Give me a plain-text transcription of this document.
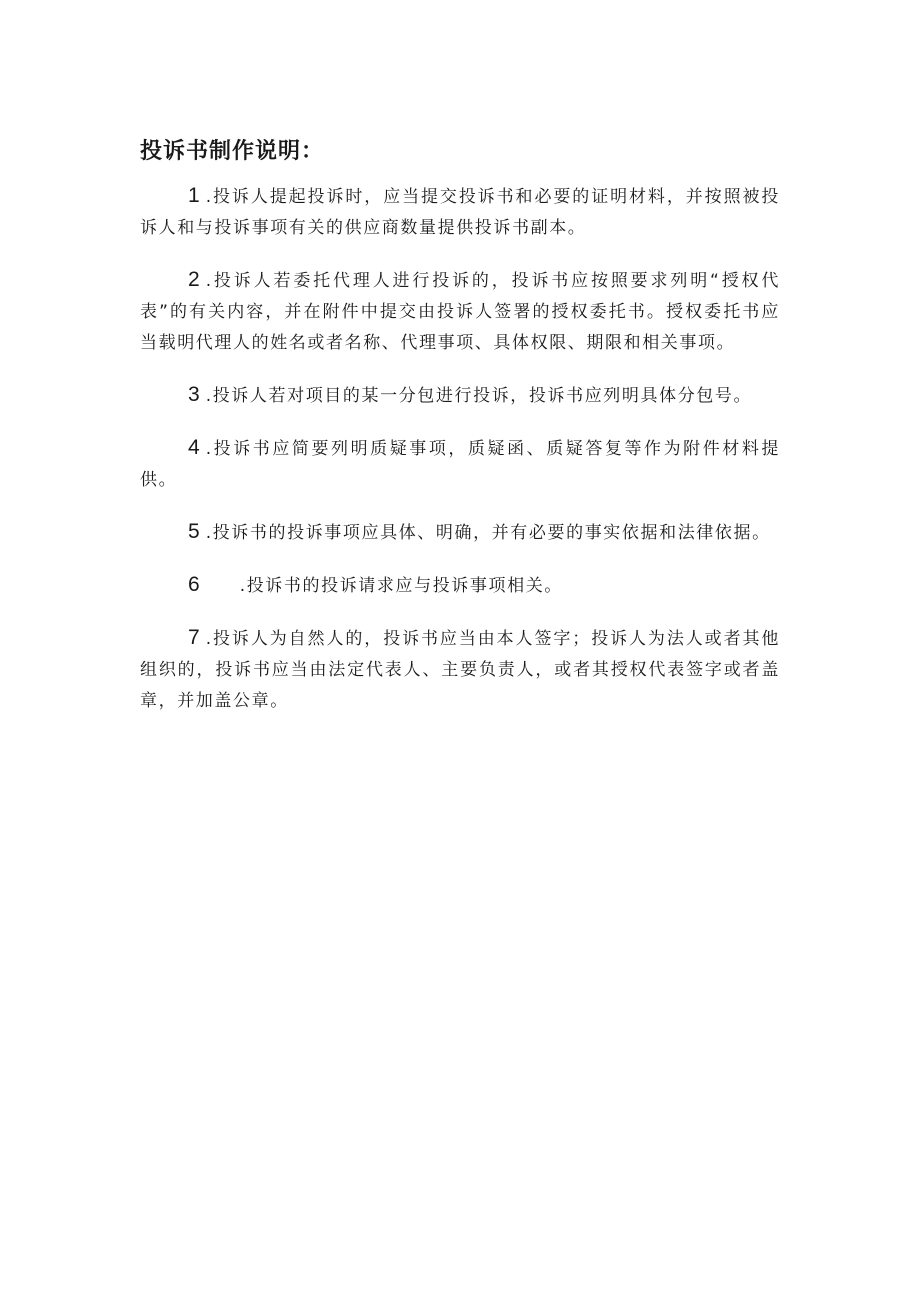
投诉书制作说明：

1 .投诉人提起投诉时，应当提交投诉书和必要的证明材料，并按照被投诉人和与投诉事项有关的供应商数量提供投诉书副本。

2 .投诉人若委托代理人进行投诉的，投诉书应按照要求列明“授权代表”的有关内容，并在附件中提交由投诉人签署的授权委托书。授权委托书应当载明代理人的姓名或者名称、代理事项、具体权限、期限和相关事项。

3 .投诉人若对项目的某一分包进行投诉，投诉书应列明具体分包号。

4 .投诉书应简要列明质疑事项，质疑函、质疑答复等作为附件材料提供。

5 .投诉书的投诉事项应具体、明确，并有必要的事实依据和法律依据。

6 .投诉书的投诉请求应与投诉事项相关。

7 .投诉人为自然人的，投诉书应当由本人签字；投诉人为法人或者其他组织的，投诉书应当由法定代表人、主要负责人，或者其授权代表签字或者盖章，并加盖公章。
